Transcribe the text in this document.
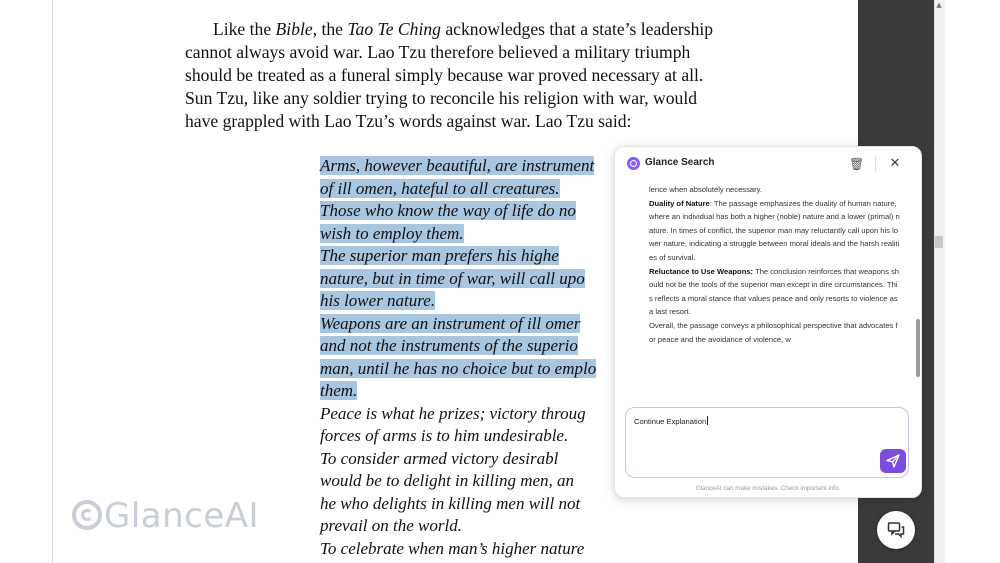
▲

Like the Bible, the Tao Te Ching acknowledges that a state’s leadership

cannot always avoid war. Lao Tzu therefore believed a military triumph

should be treated as a funeral simply because war proved necessary at all.

Sun Tzu, like any soldier trying to reconcile his religion with war, would

have grappled with Lao Tzu’s words against war. Lao Tzu said:

Arms, however beautiful, are instrument
of ill omen, hateful to all creatures.
Those who know the way of life do no
wish to employ them.
The superior man prefers his highe
nature, but in time of war, will call upo
his lower nature.
Weapons are an instrument of ill omer
and not the instruments of the superio
man, until he has no choice but to emplo
them.
Peace is what he prizes; victory throug
forces of arms is to him undesirable.
To consider armed victory desirabl
would be to delight in killing men, an
he who delights in killing men will not
prevail on the world.
To celebrate when man’s higher nature
GlanceAI
Glance Search	🗑 ✕

lence when absolutely necessary.

Duality of Nature: The passage emphasizes the duality of human nature, where an individual has both a higher (noble) nature and a lower (primal) nature. In times of conflict, the superior man may reluctantly call upon his lower nature, indicating a struggle between moral ideals and the harsh realities of survival.

Reluctance to Use Weapons: The conclusion reinforces that weapons should not be the tools of the superior man except in dire circumstances. This reflects a moral stance that values peace and only resorts to violence as a last resort.

Overall, the passage conveys a philosophical perspective that advocates for peace and the avoidance of violence, w

Continue Explanation
GlanceAI can make mistakes. Check important info.
